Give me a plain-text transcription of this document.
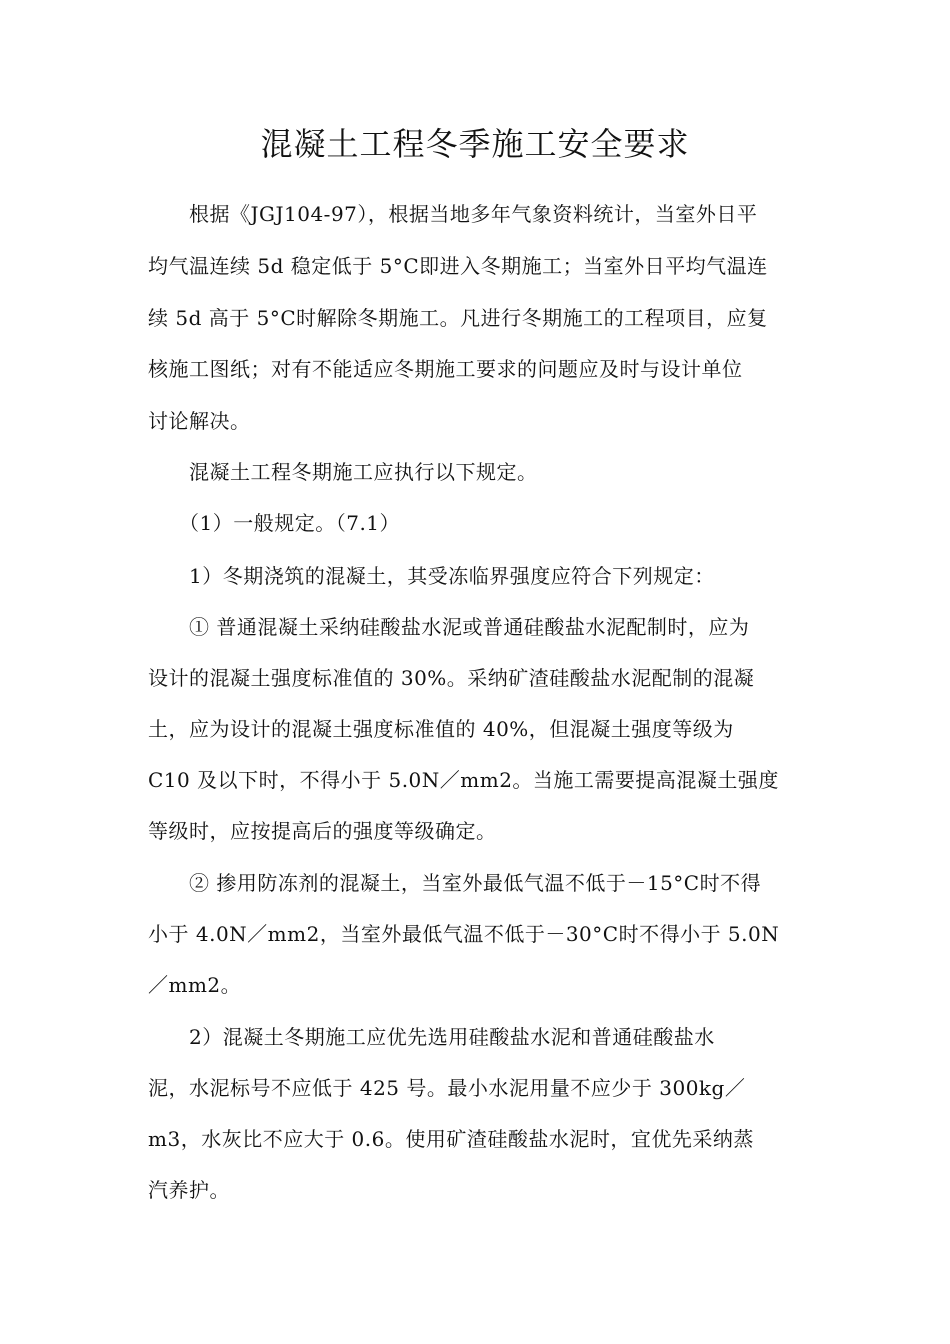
混凝土工程冬季施工安全要求
　　根据《JGJ104-97），根据当地多年气象资料统计，当室外日平
均气温连续 5d 稳定低于 5°C即进入冬期施工；当室外日平均气温连
续 5d 高于 5°C时解除冬期施工。凡进行冬期施工的工程项目，应复
核施工图纸；对有不能适应冬期施工要求的问题应及时与设计单位
讨论解决。
　　混凝土工程冬期施工应执行以下规定。
　　（1）一般规定。（7.1）
　　1）冬期浇筑的混凝土，其受冻临界强度应符合下列规定：
　　① 普通混凝土采纳硅酸盐水泥或普通硅酸盐水泥配制时，应为
设计的混凝土强度标准值的 30%。采纳矿渣硅酸盐水泥配制的混凝
土，应为设计的混凝土强度标准值的 40%，但混凝土强度等级为
C10 及以下时，不得小于 5.0N／mm2。当施工需要提高混凝土强度
等级时，应按提高后的强度等级确定。
　　② 掺用防冻剂的混凝土，当室外最低气温不低于－15°C时不得
小于 4.0N／mm2，当室外最低气温不低于－30°C时不得小于 5.0N
／mm2。
　　2）混凝土冬期施工应优先选用硅酸盐水泥和普通硅酸盐水
泥，水泥标号不应低于 425 号。最小水泥用量不应少于 300kg／
m3，水灰比不应大于 0.6。使用矿渣硅酸盐水泥时，宜优先采纳蒸
汽养护。
